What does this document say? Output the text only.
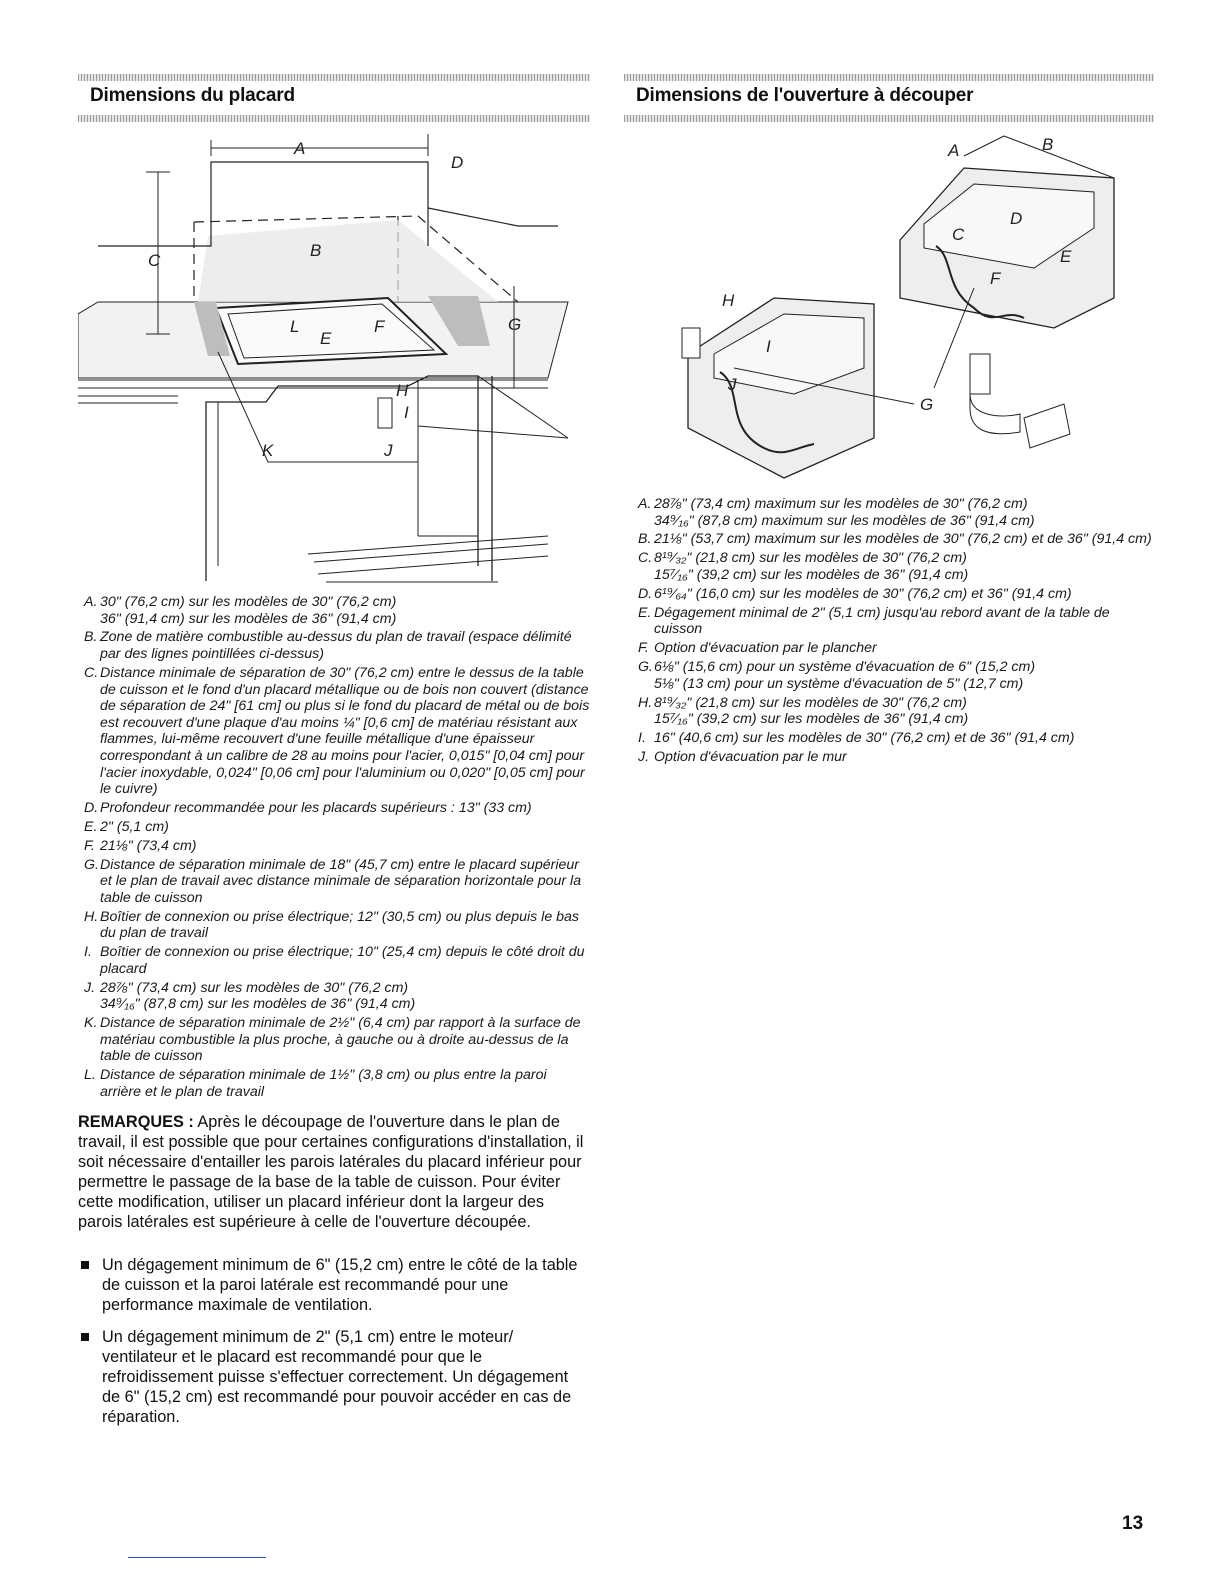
Dimensions du placard
A
D
B
C
L	F
E
G
H
I
K	J
A. 30" (76,2 cm) sur les modèles de 30" (76,2 cm)
36" (91,4 cm) sur les modèles de 36" (91,4 cm)
B. Zone de matière combustible au-dessus du plan de travail (espace délimité par des lignes pointillées ci-dessus)
C. Distance minimale de séparation de 30" (76,2 cm) entre le dessus de la table de cuisson et le fond d'un placard métallique ou de bois non couvert (distance de séparation de 24" [61 cm] ou plus si le fond du placard de métal ou de bois est recouvert d'une plaque d'au moins ¼" [0,6 cm] de matériau résistant aux flammes, lui-même recouvert d'une feuille métallique d'une épaisseur correspondant à un calibre de 28 au moins pour l'acier, 0,015" [0,04 cm] pour l'acier inoxydable, 0,024" [0,06 cm] pour l'aluminium ou 0,020" [0,05 cm] pour le cuivre)
D. Profondeur recommandée pour les placards supérieurs : 13" (33 cm)
E. 2" (5,1 cm)
F. 21⅛" (73,4 cm)
G. Distance de séparation minimale de 18" (45,7 cm) entre le placard supérieur et le plan de travail avec distance minimale de séparation horizontale pour la table de cuisson
H. Boîtier de connexion ou prise électrique; 12" (30,5 cm) ou plus depuis le bas du plan de travail
I. Boîtier de connexion ou prise électrique; 10" (25,4 cm) depuis le côté droit du placard
J. 28⅞" (73,4 cm) sur les modèles de 30" (76,2 cm)
34⁹⁄₁₆" (87,8 cm) sur les modèles de 36" (91,4 cm)
K. Distance de séparation minimale de 2½" (6,4 cm) par rapport à la surface de matériau combustible la plus proche, à gauche ou à droite au-dessus de la table de cuisson
L. Distance de séparation minimale de 1½" (3,8 cm) ou plus entre la paroi arrière et le plan de travail
REMARQUES : Après le découpage de l'ouverture dans le plan de travail, il est possible que pour certaines configurations d'installation, il soit nécessaire d'entailler les parois latérales du placard inférieur pour permettre le passage de la base de la table de cuisson. Pour éviter cette modification, utiliser un placard inférieur dont la largeur des parois latérales est supérieure à celle de l'ouverture découpée.
Un dégagement minimum de 6" (15,2 cm) entre le côté de la table de cuisson et la paroi latérale est recommandé pour une performance maximale de ventilation.
Un dégagement minimum de 2" (5,1 cm) entre le moteur/ ventilateur et le placard est recommandé pour que le refroidissement puisse s'effectuer correctement. Un dégagement de 6" (15,2 cm) est recommandé pour pouvoir accéder en cas de réparation.
Dimensions de l'ouverture à découper
A	B
C
D
E
F
G
H
I
J
A. 28⅞" (73,4 cm) maximum sur les modèles de 30" (76,2 cm)
34⁹⁄₁₆" (87,8 cm) maximum sur les modèles de 36" (91,4 cm)
B. 21⅛" (53,7 cm) maximum sur les modèles de 30" (76,2 cm) et de 36" (91,4 cm)
C. 8¹⁹⁄₃₂" (21,8 cm) sur les modèles de 30" (76,2 cm)
15⁷⁄₁₆" (39,2 cm) sur les modèles de 36" (91,4 cm)
D. 6¹⁹⁄₆₄" (16,0 cm) sur les modèles de 30" (76,2 cm) et 36" (91,4 cm)
E. Dégagement minimal de 2" (5,1 cm) jusqu'au rebord avant de la table de cuisson
F. Option d'évacuation par le plancher
G. 6⅛" (15,6 cm) pour un système d'évacuation de 6" (15,2 cm)
5⅛" (13 cm) pour un système d'évacuation de 5" (12,7 cm)
H. 8¹⁹⁄₃₂" (21,8 cm) sur les modèles de 30" (76,2 cm)
15⁷⁄₁₆" (39,2 cm) sur les modèles de 36" (91,4 cm)
I. 16" (40,6 cm) sur les modèles de 30" (76,2 cm) et de 36" (91,4 cm)
J. Option d'évacuation par le mur
13
